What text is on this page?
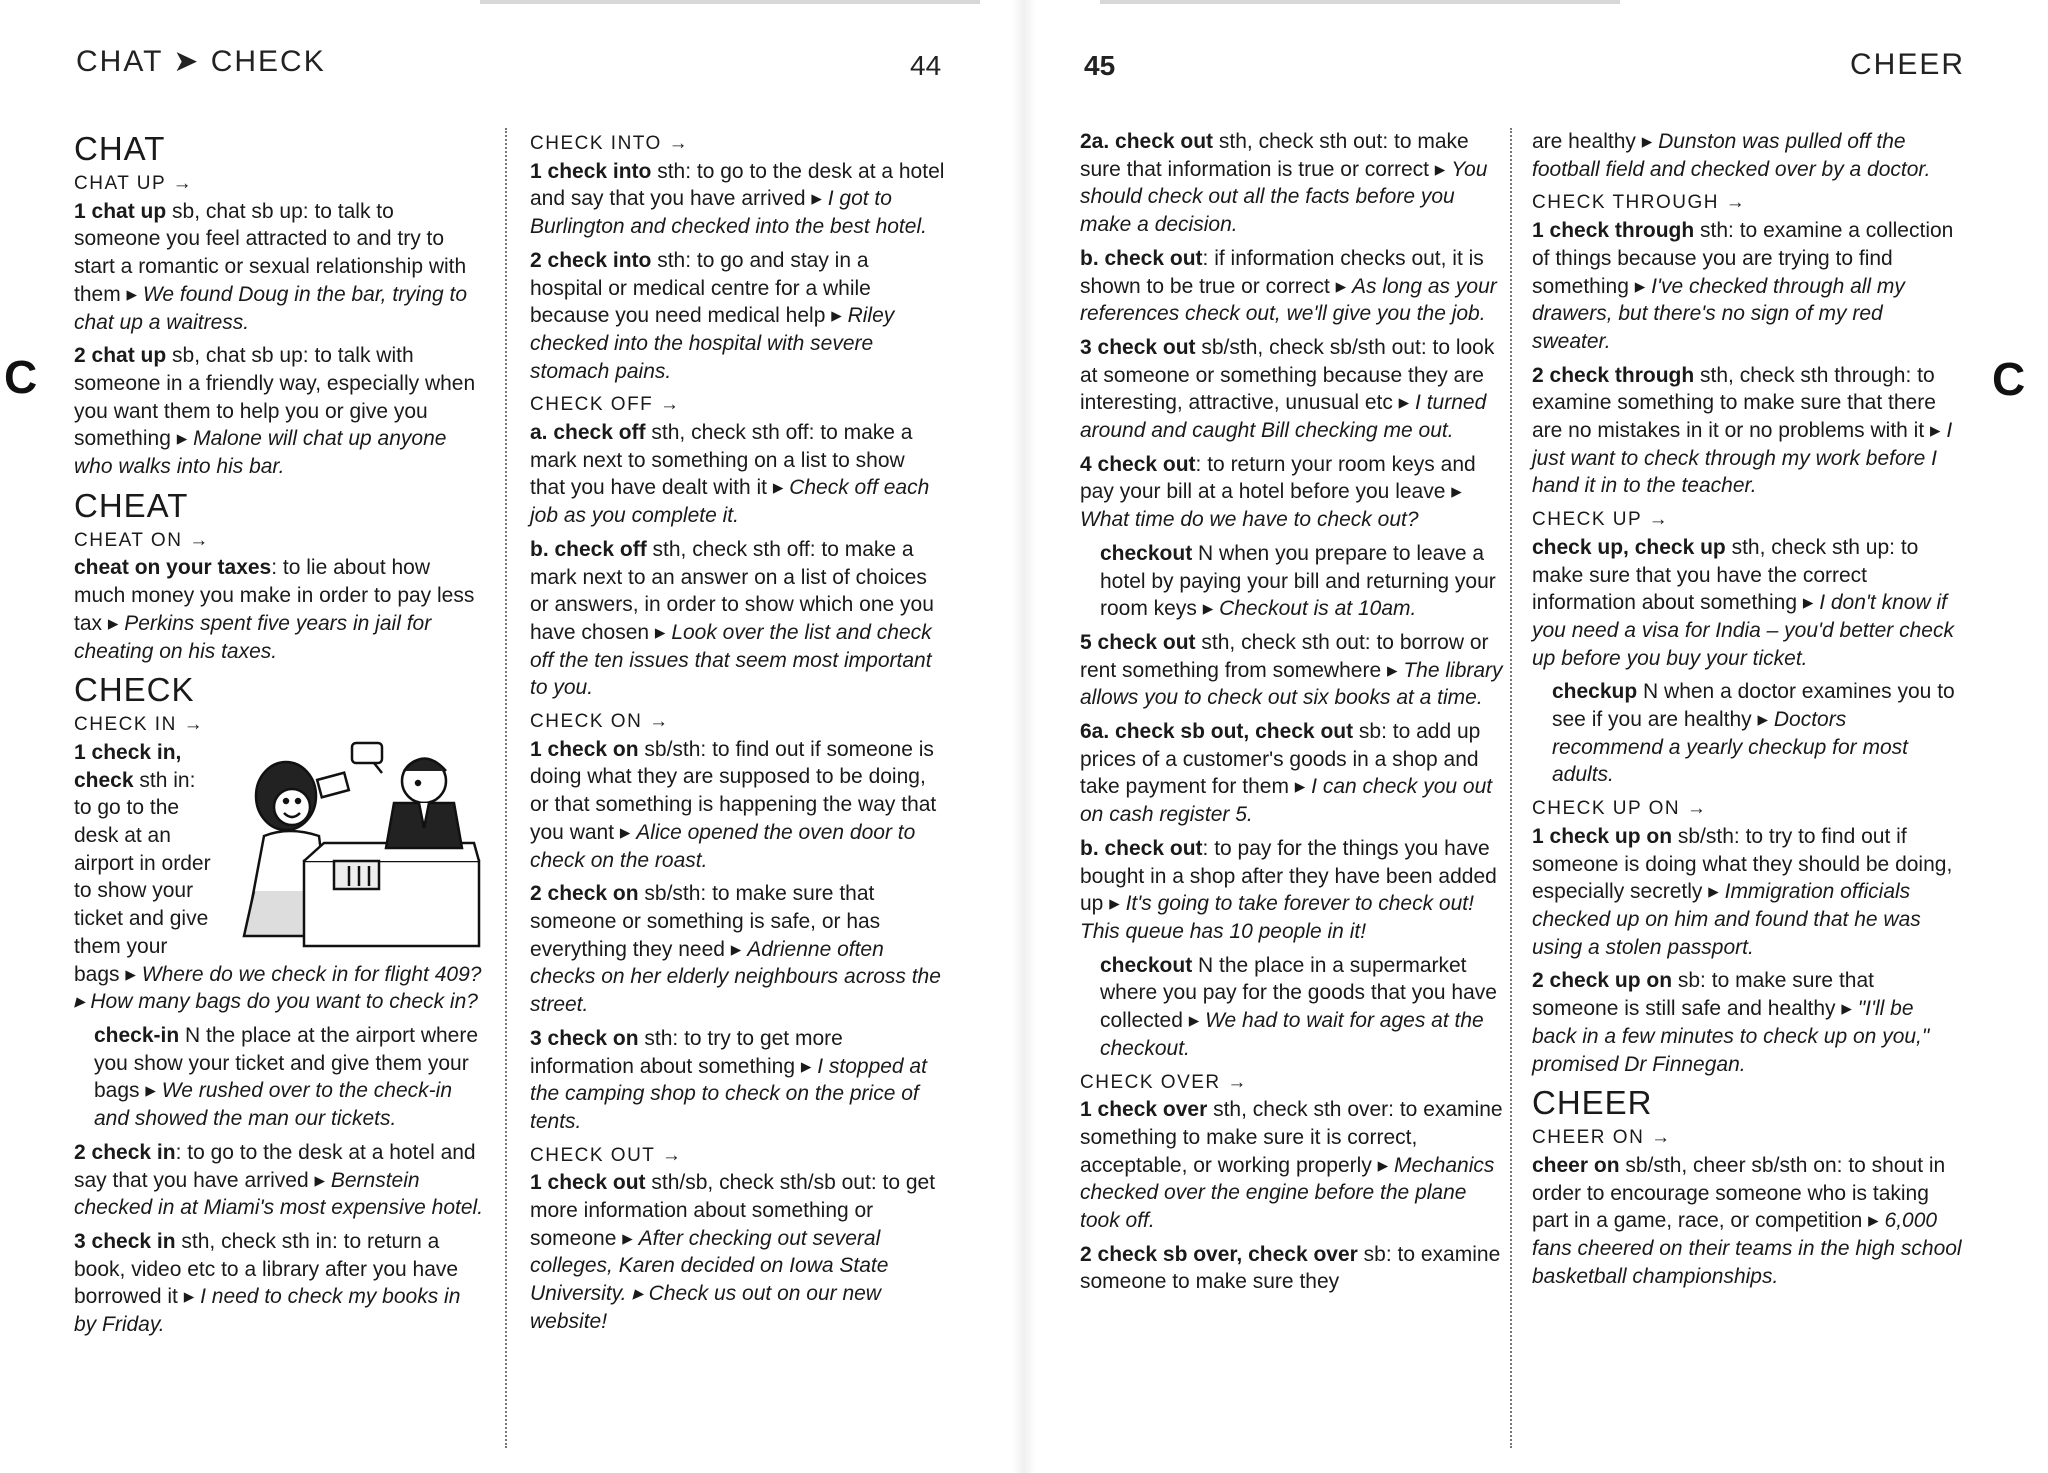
CHAT ➤ CHECK	44
C
CHAT
CHAT UP →
1 chat up sb, chat sb up: to talk to someone you feel attracted to and try to start a romantic or sexual relationship with them ▸ We found Doug in the bar, trying to chat up a waitress.
2 chat up sb, chat sb up: to talk with someone in a friendly way, especially when you want them to help you or give you something ▸ Malone will chat up anyone who walks into his bar.
CHEAT
CHEAT ON →
cheat on your taxes: to lie about how much money you make in order to pay less tax ▸ Perkins spent five years in jail for cheating on his taxes.
CHECK
CHECK IN →
1 check in,
check sth in: to go to the desk at an airport in order to show your ticket and give them your bags ▸ Where do we check in for flight 409? ▸ How many bags do you want to check in?
check-in N the place at the airport where you show your ticket and give them your bags ▸ We rushed over to the check-in and showed the man our tickets.
2 check in: to go to the desk at a hotel and say that you have arrived ▸ Bernstein checked in at Miami's most expensive hotel.
3 check in sth, check sth in: to return a book, video etc to a library after you have borrowed it ▸ I need to check my books in by Friday.
CHECK INTO →
1 check into sth: to go to the desk at a hotel and say that you have arrived ▸ I got to Burlington and checked into the best hotel.
2 check into sth: to go and stay in a hospital or medical centre for a while because you need medical help ▸ Riley checked into the hospital with severe stomach pains.
CHECK OFF →
a. check off sth, check sth off: to make a mark next to something on a list to show that you have dealt with it ▸ Check off each job as you complete it.
b. check off sth, check sth off: to make a mark next to an answer on a list of choices or answers, in order to show which one you have chosen ▸ Look over the list and check off the ten issues that seem most important to you.
CHECK ON →
1 check on sb/sth: to find out if someone is doing what they are supposed to be doing, or that something is happening the way that you want ▸ Alice opened the oven door to check on the roast.
2 check on sb/sth: to make sure that someone or something is safe, or has everything they need ▸ Adrienne often checks on her elderly neighbours across the street.
3 check on sth: to try to get more information about something ▸ I stopped at the camping shop to check on the price of tents.
CHECK OUT →
1 check out sth/sb, check sth/sb out: to get more information about something or someone ▸ After checking out several colleges, Karen decided on Iowa State University. ▸ Check us out on our new website!
45	CHEER
C
2a. check out sth, check sth out: to make sure that information is true or correct ▸ You should check out all the facts before you make a decision.
b. check out: if information checks out, it is shown to be true or correct ▸ As long as your references check out, we'll give you the job.
3 check out sb/sth, check sb/sth out: to look at someone or something because they are interesting, attractive, unusual etc ▸ I turned around and caught Bill checking me out.
4 check out: to return your room keys and pay your bill at a hotel before you leave ▸ What time do we have to check out?
checkout N when you prepare to leave a hotel by paying your bill and returning your room keys ▸ Checkout is at 10am.
5 check out sth, check sth out: to borrow or rent something from somewhere ▸ The library allows you to check out six books at a time.
6a. check sb out, check out sb: to add up prices of a customer's goods in a shop and take payment for them ▸ I can check you out on cash register 5.
b. check out: to pay for the things you have bought in a shop after they have been added up ▸ It's going to take forever to check out! This queue has 10 people in it!
checkout N the place in a supermarket where you pay for the goods that you have collected ▸ We had to wait for ages at the checkout.
CHECK OVER →
1 check over sth, check sth over: to examine something to make sure it is correct, acceptable, or working properly ▸ Mechanics checked over the engine before the plane took off.
2 check sb over, check over sb: to examine someone to make sure they
are healthy ▸ Dunston was pulled off the football field and checked over by a doctor.
CHECK THROUGH →
1 check through sth: to examine a collection of things because you are trying to find something ▸ I've checked through all my drawers, but there's no sign of my red sweater.
2 check through sth, check sth through: to examine something to make sure that there are no mistakes in it or no problems with it ▸ I just want to check through my work before I hand it in to the teacher.
CHECK UP →
check up, check up sth, check sth up: to make sure that you have the correct information about something ▸ I don't know if you need a visa for India – you'd better check up before you buy your ticket.
checkup N when a doctor examines you to see if you are healthy ▸ Doctors recommend a yearly checkup for most adults.
CHECK UP ON →
1 check up on sb/sth: to try to find out if someone is doing what they should be doing, especially secretly ▸ Immigration officials checked up on him and found that he was using a stolen passport.
2 check up on sb: to make sure that someone is still safe and healthy ▸ "I'll be back in a few minutes to check up on you," promised Dr Finnegan.
CHEER
CHEER ON →
cheer on sb/sth, cheer sb/sth on: to shout in order to encourage someone who is taking part in a game, race, or competition ▸ 6,000 fans cheered on their teams in the high school basketball championships.
